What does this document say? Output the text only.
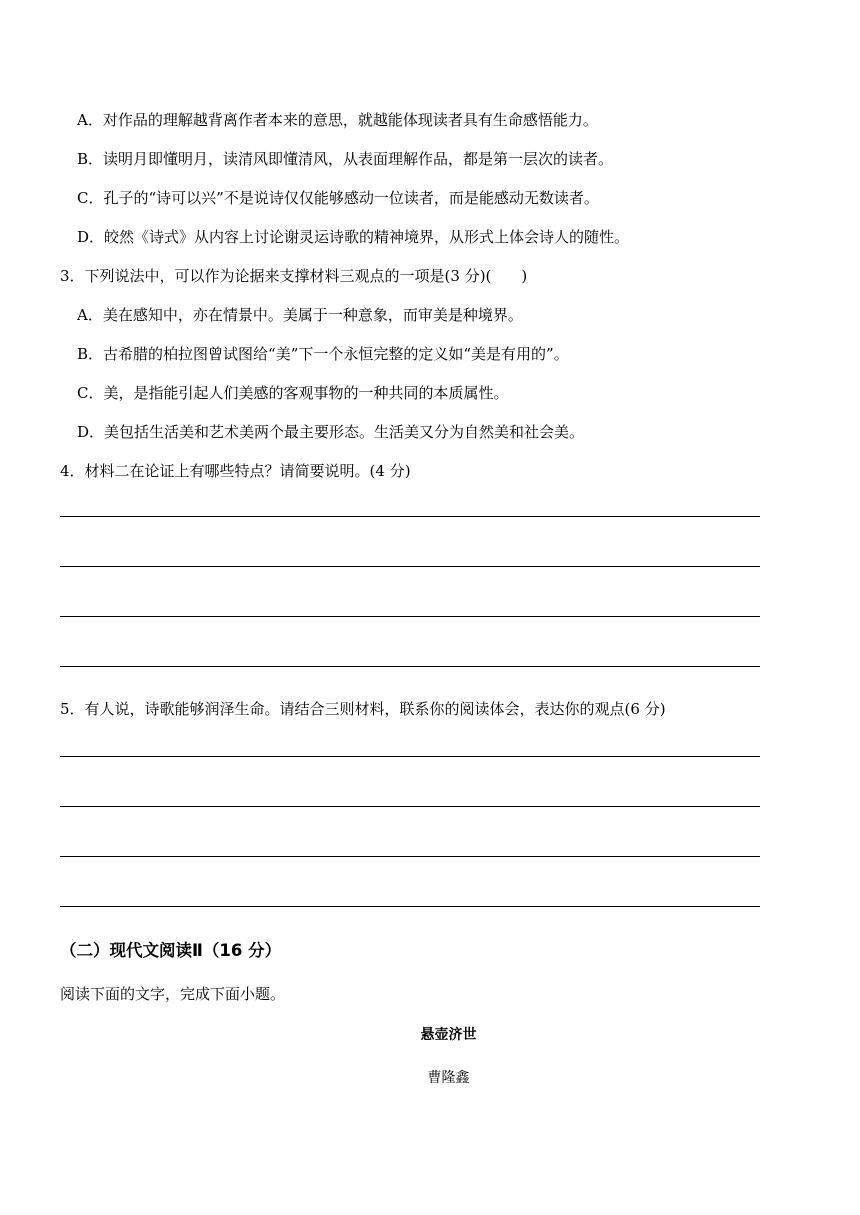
A．对作品的理解越背离作者本来的意思，就越能体现读者具有生命感悟能力。
B．读明月即懂明月，读清风即懂清风，从表面理解作品，都是第一层次的读者。
C．孔子的“诗可以兴”不是说诗仅仅能够感动一位读者，而是能感动无数读者。
D．皎然《诗式》从内容上讨论谢灵运诗歌的精神境界，从形式上体会诗人的随性。
3．下列说法中，可以作为论据来支撑材料三观点的一项是(3 分)(　　)
A．美在感知中，亦在情景中。美属于一种意象，而审美是种境界。
B．古希腊的柏拉图曾试图给“美”下一个永恒完整的定义如“美是有用的”。
C．美，是指能引起人们美感的客观事物的一种共同的本质属性。
D．美包括生活美和艺术美两个最主要形态。生活美又分为自然美和社会美。
4．材料二在论证上有哪些特点？请简要说明。(4 分)
5．有人说，诗歌能够润泽生命。请结合三则材料，联系你的阅读体会，表达你的观点(6 分)
（二）现代文阅读Ⅱ（16 分）
阅读下面的文字，完成下面小题。
悬壶济世
曹隆鑫
